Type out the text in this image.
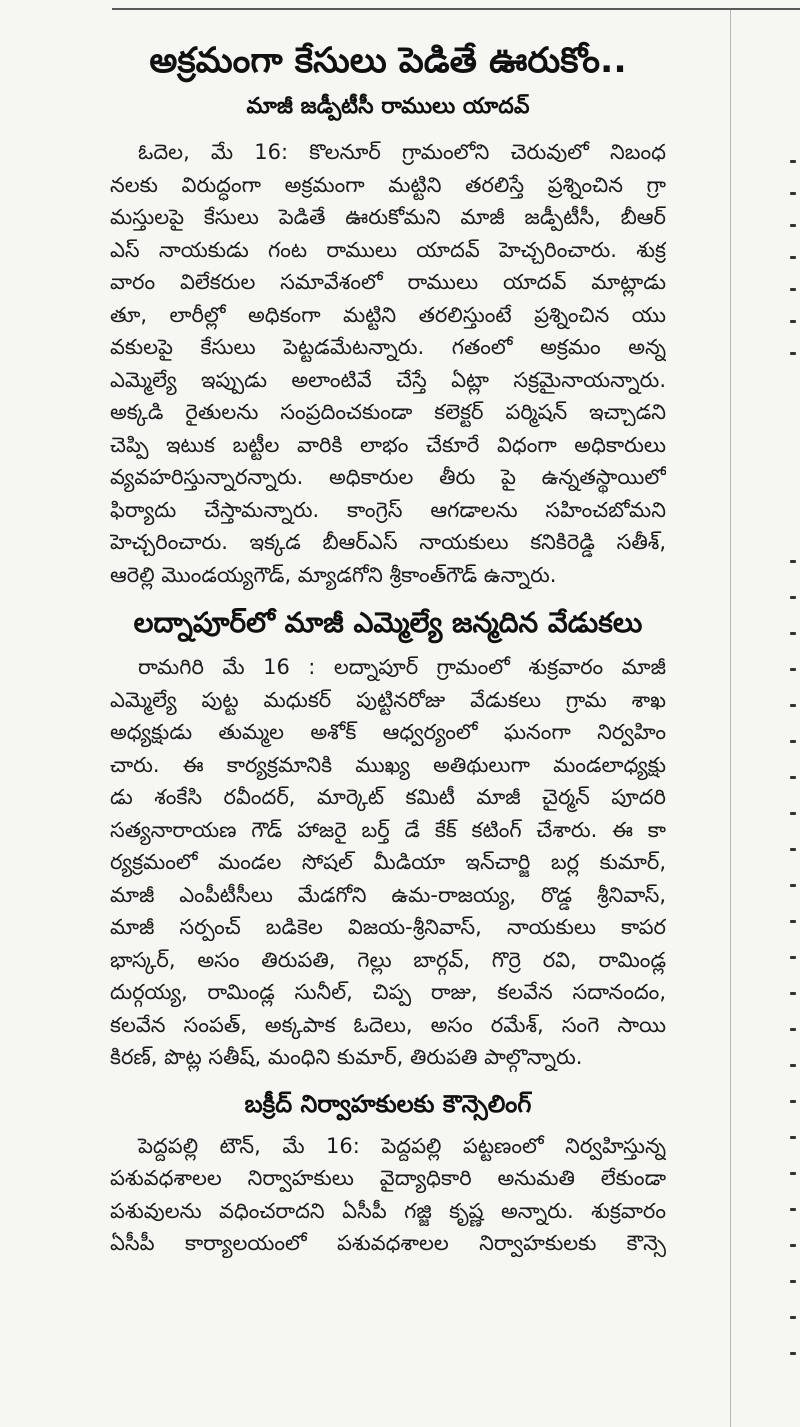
అక్రమంగా కేసులు పెడితే ఊరుకోం..
మాజీ జడ్పీటీసీ రాములు యాదవ్
ఓదెల, మే 16: కొలనూర్ గ్రామంలోని చెరువులో నిబంధ
నలకు విరుద్ధంగా అక్రమంగా మట్టిని తరలిస్తే ప్రశ్నించిన గ్రా
మస్తులపై కేసులు పెడితే ఊరుకోమని మాజీ జడ్పీటీసీ, బీఆర్
ఎస్ నాయకుడు గంట రాములు యాదవ్ హెచ్చరించారు. శుక్ర
వారం విలేకరుల సమావేశంలో రాములు యాదవ్ మాట్లాడు
తూ, లారీల్లో అధికంగా మట్టిని తరలిస్తుంటే ప్రశ్నించిన యు
వకులపై కేసులు పెట్టడమేటన్నారు. గతంలో అక్రమం అన్న
ఎమ్మెల్యే ఇప్పుడు అలాంటివే చేస్తే ఏట్లా సక్రమైనాయన్నారు.
అక్కడి రైతులను సంప్రదించకుండా కలెక్టర్ పర్మిషన్ ఇచ్చాడని
చెప్పి ఇటుక బట్టీల వారికి లాభం చేకూరే విధంగా అధికారులు
వ్యవహరిస్తున్నారన్నారు. అధికారుల తీరు పై ఉన్నతస్థాయిలో
ఫిర్యాదు చేస్తామన్నారు. కాంగ్రెస్ ఆగడాలను సహించబోమని
హెచ్చరించారు. ఇక్కడ బీఆర్ఎస్ నాయకులు కనికిరెడ్డి సతీశ్,
ఆరెల్లి మొండయ్యగౌడ్, మ్యాడగోని శ్రీకాంత్‌గౌడ్ ఉన్నారు.
లద్నాపూర్‌లో మాజీ ఎమ్మెల్యే జన్మదిన వేడుకలు
రామగిరి మే 16 : లద్నాపూర్ గ్రామంలో శుక్రవారం మాజీ
ఎమ్మెల్యే పుట్ట మధుకర్ పుట్టినరోజు వేడుకలు గ్రామ శాఖ
అధ్యక్షుడు తుమ్మల అశోక్ ఆధ్వర్యంలో ఘనంగా నిర్వహిం
చారు. ఈ కార్యక్రమానికి ముఖ్య అతిథులుగా మండలాధ్యక్షు
డు శంకేసి రవీందర్, మార్కెట్ కమిటీ మాజీ చైర్మన్ పూదరి
సత్యనారాయణ గౌడ్ హాజరై బర్త్ డే కేక్ కటింగ్ చేశారు. ఈ కా
ర్యక్రమంలో మండల సోషల్ మీడియా ఇన్‌చార్జి బర్ల కుమార్,
మాజీ ఎంపీటీసీలు మేడగోని ఉమ-రాజయ్య, రొడ్డ శ్రీనివాస్,
మాజీ సర్పంచ్ బడికెల విజయ-శ్రీనివాస్, నాయకులు కాపర
భాస్కర్, అసం తిరుపతి, గెల్లు బార్గవ్, గొర్రె రవి, రామిండ్ల
దుర్గయ్య, రామిండ్ల సునీల్, చిప్ప రాజు, కలవేన సదానందం,
కలవేన సంపత్, అక్కపాక ఓదెలు, అసం రమేశ్, సంగె సాయి
కిరణ్, పొట్ల సతీష్, మంధిని కుమార్, తిరుపతి పాల్గొన్నారు.
బక్రీద్ నిర్వాహకులకు కౌన్సెలింగ్
పెద్దపల్లి టౌన్, మే 16: పెద్దపల్లి పట్టణంలో నిర్వహిస్తున్న
పశువధశాలల నిర్వాహకులు వైద్యాధికారి అనుమతి లేకుండా
పశువులను వధించరాదని ఏసీపీ గజ్జి కృష్ణ అన్నారు. శుక్రవారం
ఏసీపీ కార్యాలయంలో పశువధశాలల నిర్వాహకులకు కౌన్సె
